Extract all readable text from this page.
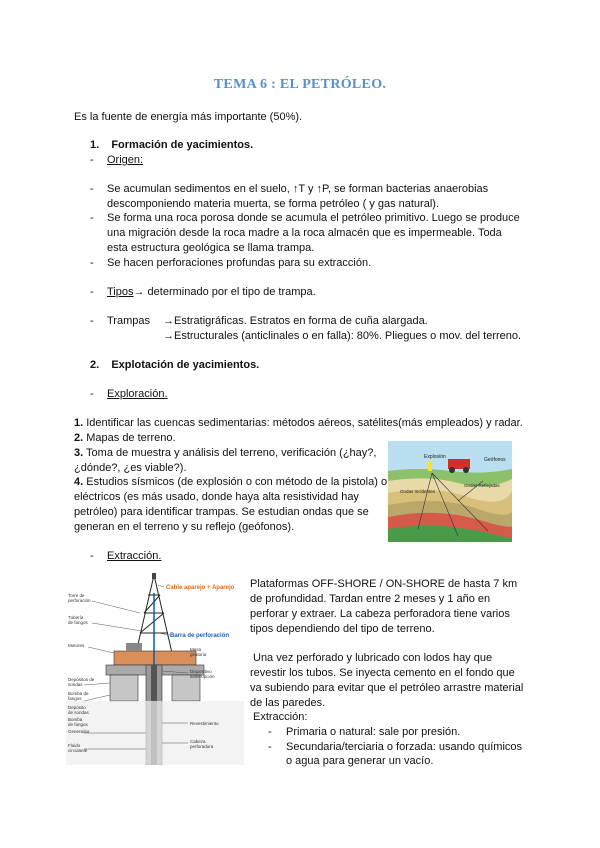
TEMA 6 : EL PETRÓLEO.
Es la fuente de energía más importante (50%).
1. Formación de yacimientos.
- Origen:
- Se acumulan sedimentos en el suelo, ↑T y ↑P, se forman bacterias anaerobias
descomponiendo materia muerta, se forma petróleo ( y gas natural).
- Se forma una roca porosa donde se acumula el petróleo primitivo. Luego se produce
una migración desde la roca madre a la roca almacén que es impermeable. Toda
esta estructura geológica se llama trampa.
- Se hacen perforaciones profundas para su extracción.
- Tipos→ determinado por el tipo de trampa.
- Trampas →Estratigráficas. Estratos en forma de cuña alargada.
→Estructurales (anticlinales o en falla): 80%. Pliegues o mov. del terreno.
2. Explotación de yacimientos.
- Exploración.
1. Identificar las cuencas sedimentarias: métodos aéreos, satélites(más empleados) y radar.
2. Mapas de terreno.
3. Toma de muestra y análisis del terreno, verificación (¿hay?,
¿dónde?, ¿es viable?).
4. Estudios sísmicos (de explosión o con método de la pistola) o
eléctricos (es más usado, donde haya alta resistividad hay
petróleo) para identificar trampas. Se estudian ondas que se
generan en el terreno y su reflejo (geófonos).
Explosión	Geófonos
Ondas Reflejadas
Ondas Incidentes
- Extracción.
Cable aparejo + Aparejo
Barra de perforación
Torre de perforación Tubería de fangos Motores Depósitos de sondas Bomba de fangos Generador Fluido circulante Mesa giratoria Dispositivo antierupción Revestimiento Cabeza perforadora Depósito de sondas Bomba de fangos
Plataformas OFF-SHORE / ON-SHORE de hasta 7 km
de profundidad. Tardan entre 2 meses y 1 año en
perforar y extraer. La cabeza perforadora tiene varios
tipos dependiendo del tipo de terreno.
Una vez perforado y lubricado con lodos hay que
revestir los tubos. Se inyecta cemento en el fondo que
va subiendo para evitar que el petróleo arrastre material
de las paredes.
Extracción:
- Primaria o natural: sale por presión.
- Secundaria/terciaria o forzada: usando químicos
o agua para generar un vacío.
